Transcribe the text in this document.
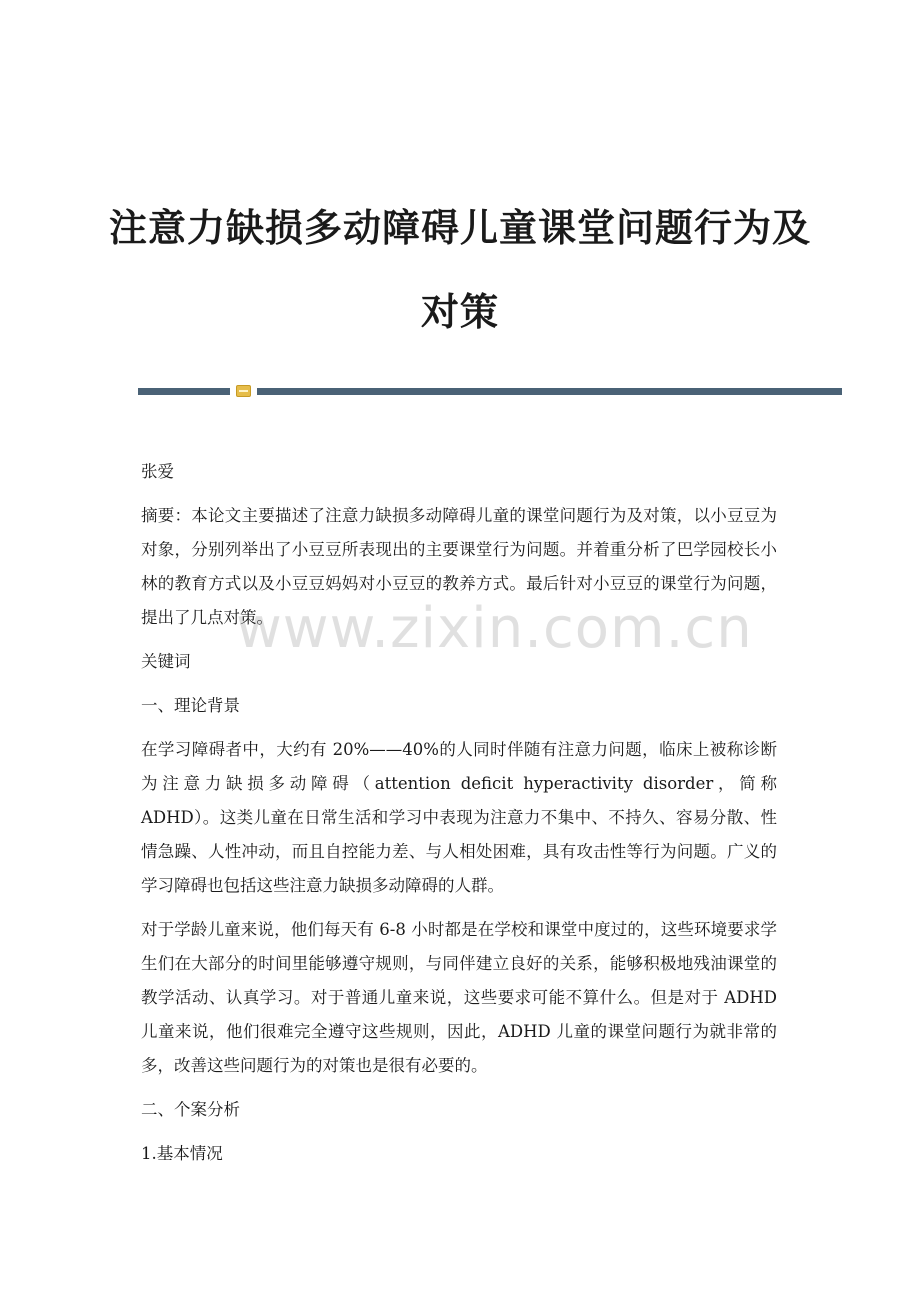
注意力缺损多动障碍儿童课堂问题行为及对策
www.zixin.com.cn

张爱

摘要：本论文主要描述了注意力缺损多动障碍儿童的课堂问题行为及对策，以小豆豆为对象，分别列举出了小豆豆所表现出的主要课堂行为问题。并着重分析了巴学园校长小林的教育方式以及小豆豆妈妈对小豆豆的教养方式。最后针对小豆豆的课堂行为问题，提出了几点对策。

关键词

一、理论背景

在学习障碍者中，大约有 20%——40%的人同时伴随有注意力问题，临床上被称诊断为注意力缺损多动障碍（attention deficit hyperactivity disorder，简称 ADHD）。这类儿童在日常生活和学习中表现为注意力不集中、不持久、容易分散、性情急躁、人性冲动，而且自控能力差、与人相处困难，具有攻击性等行为问题。广义的学习障碍也包括这些注意力缺损多动障碍的人群。

对于学龄儿童来说，他们每天有 6-8 小时都是在学校和课堂中度过的，这些环境要求学生们在大部分的时间里能够遵守规则，与同伴建立良好的关系，能够积极地残油课堂的教学活动、认真学习。对于普通儿童来说，这些要求可能不算什么。但是对于 ADHD 儿童来说，他们很难完全遵守这些规则，因此，ADHD 儿童的课堂问题行为就非常的多，改善这些问题行为的对策也是很有必要的。

二、个案分析

1.基本情况
